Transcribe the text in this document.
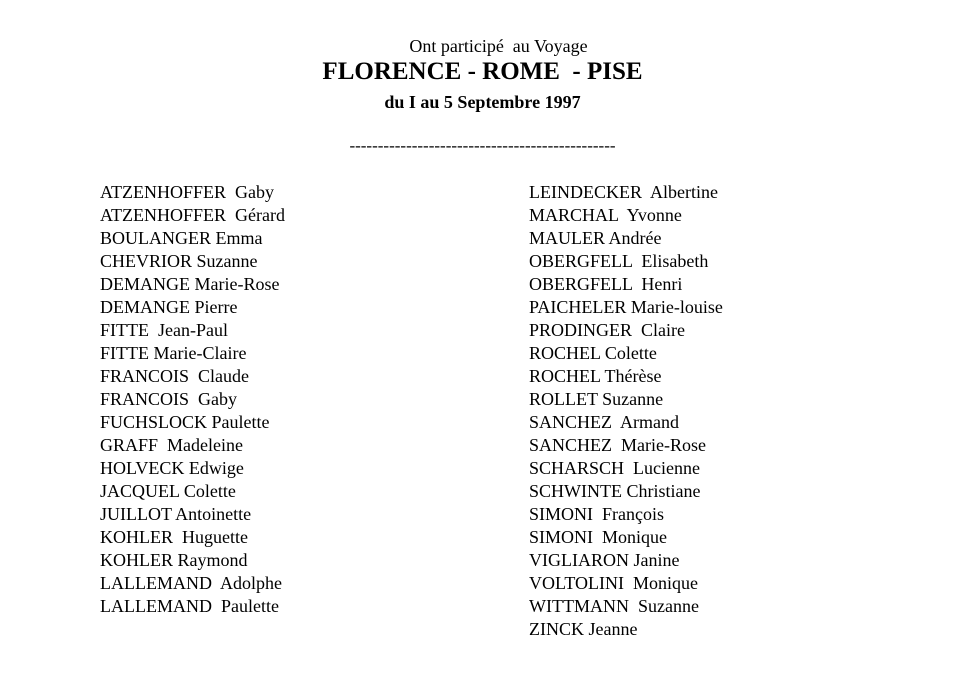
Ont participé  au Voyage
FLORENCE - ROME  - PISE
du I au 5 Septembre 1997
-----------------------------------------------
ATZENHOFFER  Gaby
ATZENHOFFER  Gérard
BOULANGER Emma
CHEVRIOR Suzanne
DEMANGE Marie-Rose
DEMANGE Pierre
FITTE  Jean-Paul
FITTE Marie-Claire
FRANCOIS  Claude
FRANCOIS  Gaby
FUCHSLOCK Paulette
GRAFF  Madeleine
HOLVECK Edwige
JACQUEL Colette
JUILLOT Antoinette
KOHLER  Huguette
KOHLER Raymond
LALLEMAND  Adolphe
LALLEMAND  Paulette
LEINDECKER  Albertine
MARCHAL  Yvonne
MAULER Andrée
OBERGFELL  Elisabeth
OBERGFELL  Henri
PAICHELER Marie-louise
PRODINGER  Claire
ROCHEL Colette
ROCHEL Thérèse
ROLLET Suzanne
SANCHEZ  Armand
SANCHEZ  Marie-Rose
SCHARSCH  Lucienne
SCHWINTE Christiane
SIMONI  François
SIMONI  Monique
VIGLIARON Janine
VOLTOLINI  Monique
WITTMANN  Suzanne
ZINCK Jeanne
